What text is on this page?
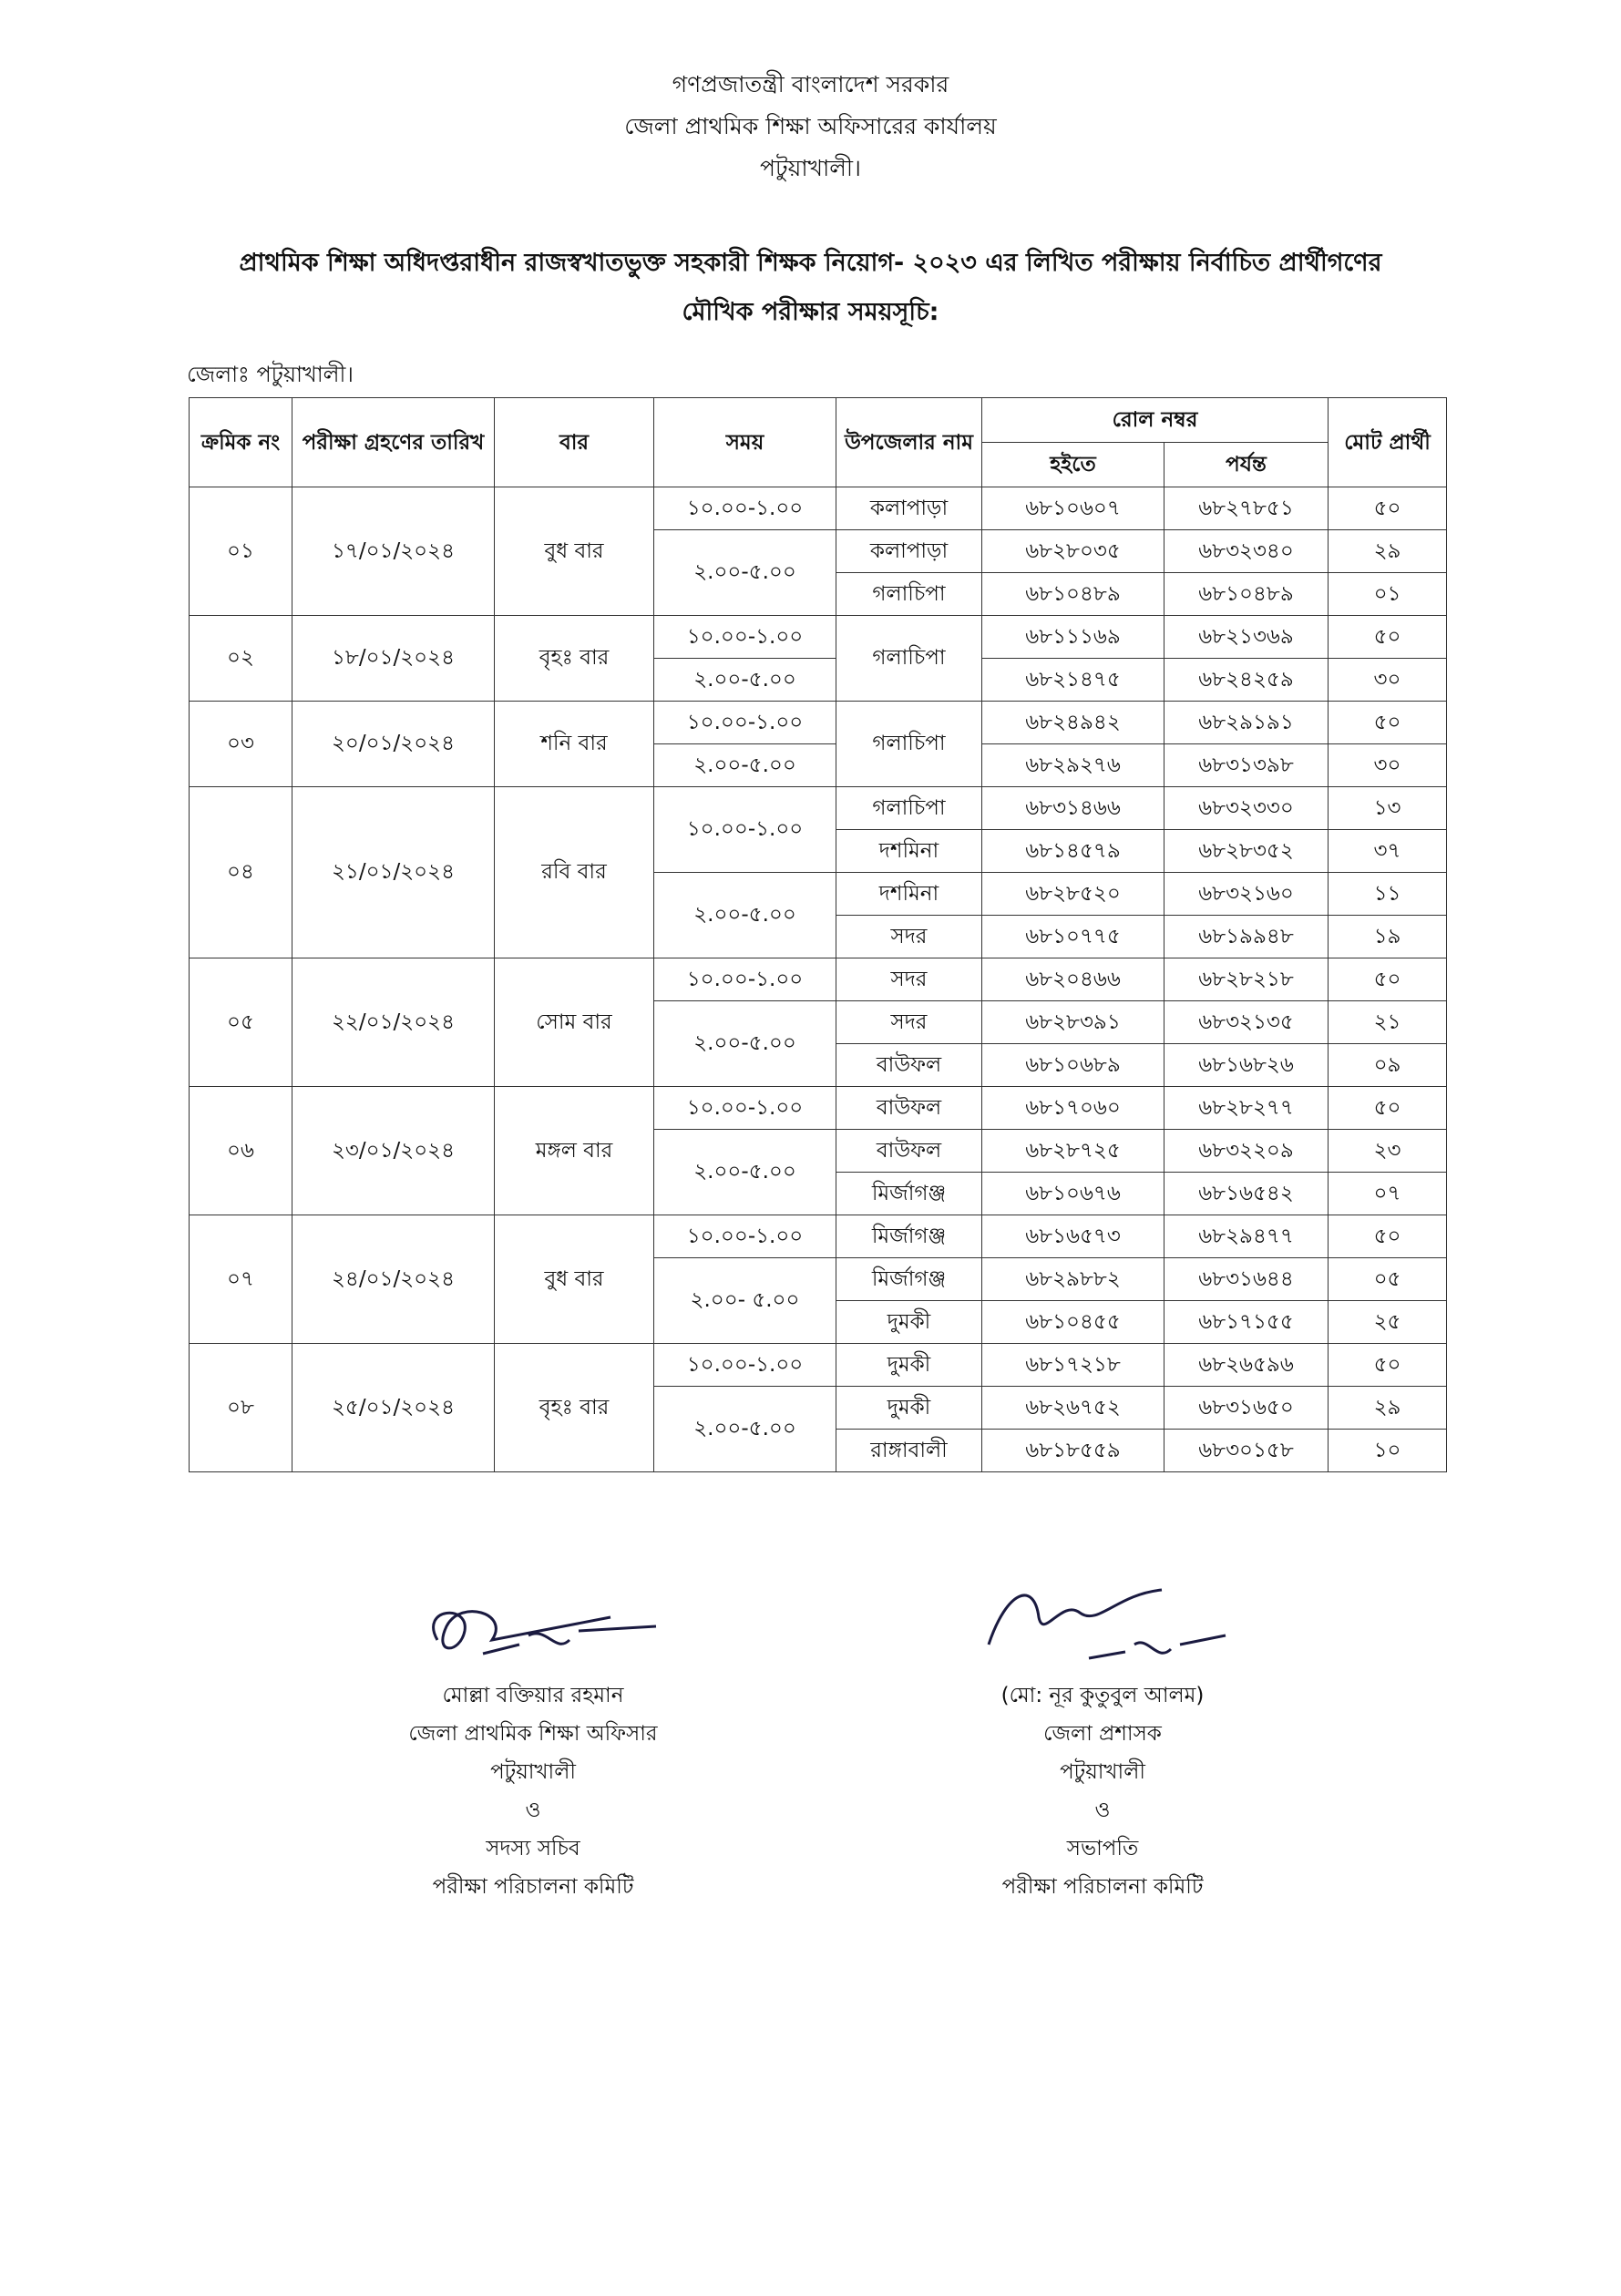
গণপ্রজাতন্ত্রী বাংলাদেশ সরকার
জেলা প্রাথমিক শিক্ষা অফিসারের কার্যালয়
পটুয়াখালী।
প্রাথমিক শিক্ষা অধিদপ্তরাধীন রাজস্বখাতভুক্ত সহকারী শিক্ষক নিয়োগ- ২০২৩ এর লিখিত পরীক্ষায় নির্বাচিত প্রার্থীগণের
মৌখিক পরীক্ষার সময়সূচি:
জেলাঃ পটুয়াখালী।
ক্রমিক নং	পরীক্ষা গ্রহণের তারিখ	বার	সময়	উপজেলার নাম	রোল নম্বর		মোট প্রার্থী
					হইতে	পর্যন্ত	
০১	১৭/০১/২০২৪	বুধ বার	১০.০০-১.০০	কলাপাড়া	৬৮১০৬০৭	৬৮২৭৮৫১	৫০
			২.০০-৫.০০	কলাপাড়া	৬৮২৮০৩৫	৬৮৩২৩৪০	২৯
				গলাচিপা	৬৮১০৪৮৯	৬৮১০৪৮৯	০১
০২	১৮/০১/২০২৪	বৃহঃ বার	১০.০০-১.০০	গলাচিপা	৬৮১১১৬৯	৬৮২১৩৬৯	৫০
			২.০০-৫.০০		৬৮২১৪৭৫	৬৮২৪২৫৯	৩০
০৩	২০/০১/২০২৪	শনি বার	১০.০০-১.০০	গলাচিপা	৬৮২৪৯৪২	৬৮২৯১৯১	৫০
			২.০০-৫.০০		৬৮২৯২৭৬	৬৮৩১৩৯৮	৩০
০৪	২১/০১/২০২৪	রবি বার	১০.০০-১.০০	গলাচিপা	৬৮৩১৪৬৬	৬৮৩২৩৩০	১৩
				দশমিনা	৬৮১৪৫৭৯	৬৮২৮৩৫২	৩৭
			২.০০-৫.০০	দশমিনা	৬৮২৮৫২০	৬৮৩২১৬০	১১
				সদর	৬৮১০৭৭৫	৬৮১৯৯৪৮	১৯
০৫	২২/০১/২০২৪	সোম বার	১০.০০-১.০০	সদর	৬৮২০৪৬৬	৬৮২৮২১৮	৫০
			২.০০-৫.০০	সদর	৬৮২৮৩৯১	৬৮৩২১৩৫	২১
				বাউফল	৬৮১০৬৮৯	৬৮১৬৮২৬	০৯
০৬	২৩/০১/২০২৪	মঙ্গল বার	১০.০০-১.০০	বাউফল	৬৮১৭০৬০	৬৮২৮২৭৭	৫০
			২.০০-৫.০০	বাউফল	৬৮২৮৭২৫	৬৮৩২২০৯	২৩
				মির্জাগঞ্জ	৬৮১০৬৭৬	৬৮১৬৫৪২	০৭
০৭	২৪/০১/২০২৪	বুধ বার	১০.০০-১.০০	মির্জাগঞ্জ	৬৮১৬৫৭৩	৬৮২৯৪৭৭	৫০
			২.০০- ৫.০০	মির্জাগঞ্জ	৬৮২৯৮৮২	৬৮৩১৬৪৪	০৫
				দুমকী	৬৮১০৪৫৫	৬৮১৭১৫৫	২৫
০৮	২৫/০১/২০২৪	বৃহঃ বার	১০.০০-১.০০	দুমকী	৬৮১৭২১৮	৬৮২৬৫৯৬	৫০
			২.০০-৫.০০	দুমকী	৬৮২৬৭৫২	৬৮৩১৬৫০	২৯
				রাঙ্গাবালী	৬৮১৮৫৫৯	৬৮৩০১৫৮	১০
মোল্লা বক্তিয়ার রহমান
জেলা প্রাথমিক শিক্ষা অফিসার
পটুয়াখালী
ও
সদস্য সচিব
পরীক্ষা পরিচালনা কমিটি
(মো: নূর কুতুবুল আলম)
জেলা প্রশাসক
পটুয়াখালী
ও
সভাপতি
পরীক্ষা পরিচালনা কমিটি
